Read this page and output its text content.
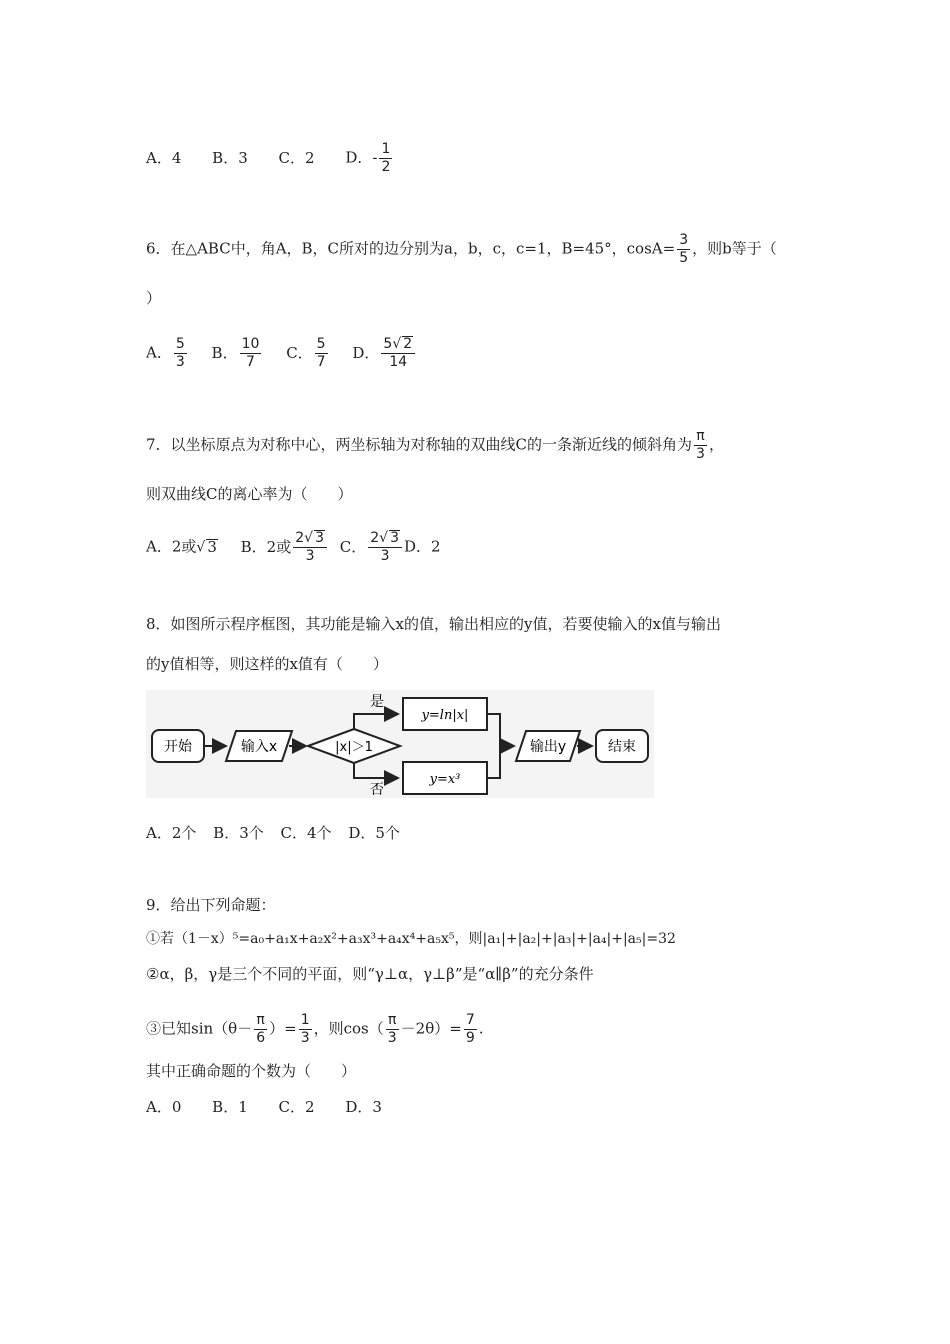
A．4 B．3 C．2 D．- $\frac{1}{2}$
6．在△ABC中，角A，B，C所对的边分别为a，b，c，c=1，B=45°，$\cos A= \frac{3}{5}$ ，则b等于（
）
A． $\frac{5}{3}$ B． $\frac{10}{7}$ C． $\frac{5}{7}$ D． $\frac{5√ 2}{14}$
7．以坐标原点为对称中心，两坐标轴为对称轴的双曲线C的一条渐近线的倾斜角为 $\frac{\pi}{3}$ ，
则双曲线C的离心率为（　　）
A．2或√ 3 B．2或 $\frac{2√ 3}{3}$ C． $\frac{2√ 3}{3}$ D．2
8．如图所示程序框图，其功能是输入x的值，输出相应的y值，若要使输入的x值与输出
的y值相等，则这样的x值有（　　）
开始	输入x	|x|＞1
是
y=ln|x|
否
y=x³
输出y	结束
A．2个 B．3个 C．4个 D．5个
9．给出下列命题：
①若（1－x）⁵=a₀+a₁x+a₂x²+a₃x³+a₄x⁴+a₅x⁵，则|a₁|+|a₂|+|a₃|+|a₄|+|a₅|=32
②α，β，γ是三个不同的平面，则“γ⊥α，γ⊥β”是“α∥β”的充分条件
③已知$\sin(\theta- \frac{\pi}{6}$ ）= $\frac{1}{3}$ ，则$\cos( \frac{\pi}{3} -2\theta)= \frac{7}{9}$ .
其中正确命题的个数为（　　）
A．0 B．1 C．2 D．3
